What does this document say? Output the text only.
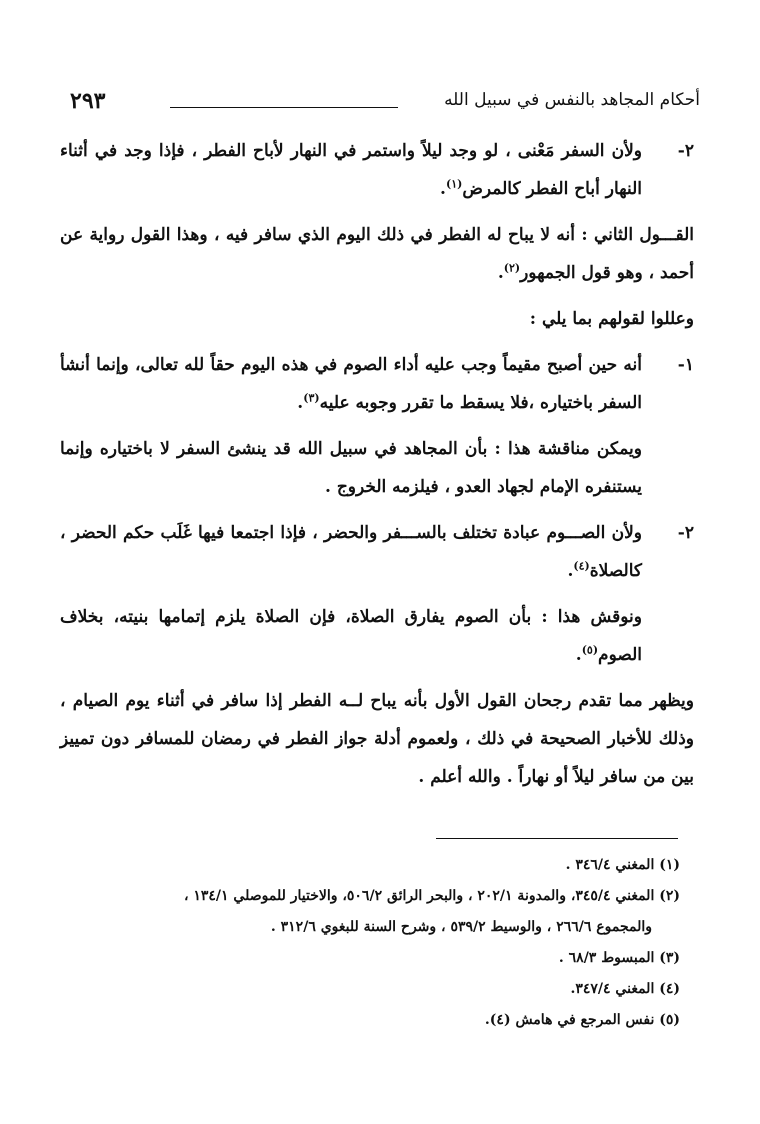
٢٩٣	أحكام المجاهد بالنفس في سبيل الله
٢-
ولأن السفر مَعْنى ، لو وجد ليلاً واستمر في النهار لأباح الفطر ، فإذا وجد في أثناء النهار أباح الفطر كالمرض$^{(١)}$.

القـــول الثاني : أنه لا يباح له الفطر في ذلك اليوم الذي سافر فيه ، وهذا القول رواية عن أحمد ، وهو قول الجمهور$^{(٢)}$.

وعللوا لقولهم بما يلي :

١-
أنه حين أصبح مقيماً وجب عليه أداء الصوم في هذه اليوم حقاً لله تعالى، وإنما أنشأ السفر باختياره ،فلا يسقط ما تقرر وجوبه عليه$^{(٣)}$.

ويمكن مناقشة هذا : بأن المجاهد في سبيل الله قد ينشئ السفر لا باختياره وإنما يستنفره الإمام لجهاد العدو ، فيلزمه الخروج .

٢-
ولأن الصـــوم عبادة تختلف بالســـفر والحضر ، فإذا اجتمعا فيها غَلَب حكم الحضر ، كالصلاة$^{(٤)}$.

ونوقش هذا : بأن الصوم يفارق الصلاة، فإن الصلاة يلزم إتمامها بنيته، بخلاف الصوم$^{(٥)}$.

ويظهر مما تقدم رجحان القول الأول بأنه يباح لــه الفطر إذا سافر في أثناء يوم الصيام ، وذلك للأخبار الصحيحة في ذلك ، ولعموم أدلة جواز الفطر في رمضان للمسافر دون تمييز بين من سافر ليلاً أو نهاراً . والله أعلم .

(١) المغني ٣٤٦/٤ .

(٢) المغني ٣٤٥/٤، والمدونة ٢٠٢/١ ، والبحر الرائق ٥٠٦/٢، والاختيار للموصلي ١٣٤/١ ،

والمجموع ٢٦٦/٦ ، والوسيط ٥٣٩/٢ ، وشرح السنة للبغوي ٣١٢/٦ .

(٣) المبسوط ٦٨/٣ .

(٤) المغني ٣٤٧/٤.

(٥) نفس المرجع في هامش (٤).
